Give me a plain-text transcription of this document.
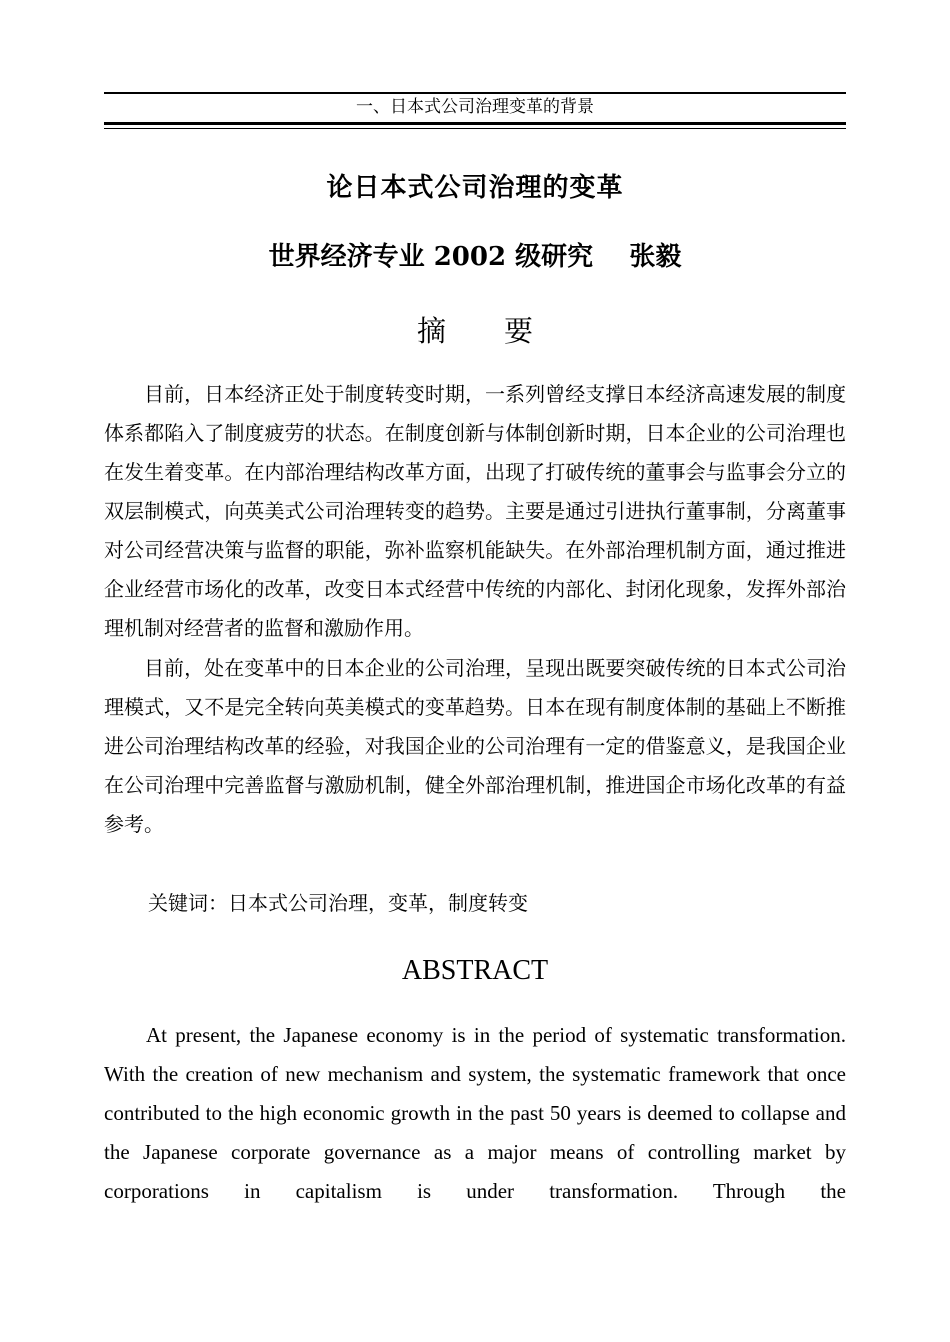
一、日本式公司治理变革的背景
论日本式公司治理的变革
世界经济专业 2002 级研究    张毅
摘　　要

目前，日本经济正处于制度转变时期，一系列曾经支撑日本经济高速发展的制度体系都陷入了制度疲劳的状态。在制度创新与体制创新时期，日本企业的公司治理也在发生着变革。在内部治理结构改革方面，出现了打破传统的董事会与监事会分立的双层制模式，向英美式公司治理转变的趋势。主要是通过引进执行董事制，分离董事对公司经营决策与监督的职能，弥补监察机能缺失。在外部治理机制方面，通过推进企业经营市场化的改革，改变日本式经营中传统的内部化、封闭化现象，发挥外部治理机制对经营者的监督和激励作用。

目前，处在变革中的日本企业的公司治理，呈现出既要突破传统的日本式公司治理模式，又不是完全转向英美模式的变革趋势。日本在现有制度体制的基础上不断推进公司治理结构改革的经验，对我国企业的公司治理有一定的借鉴意义，是我国企业在公司治理中完善监督与激励机制，健全外部治理机制，推进国企市场化改革的有益参考。

关键词：日本式公司治理，变革，制度转变
ABSTRACT

At present, the Japanese economy is in the period of systematic transformation. With the creation of new mechanism and system, the systematic framework that once contributed to the high economic growth in the past 50 years is deemed to collapse and the Japanese corporate governance as a major means of controlling market by corporations in capitalism is under transformation. Through the
